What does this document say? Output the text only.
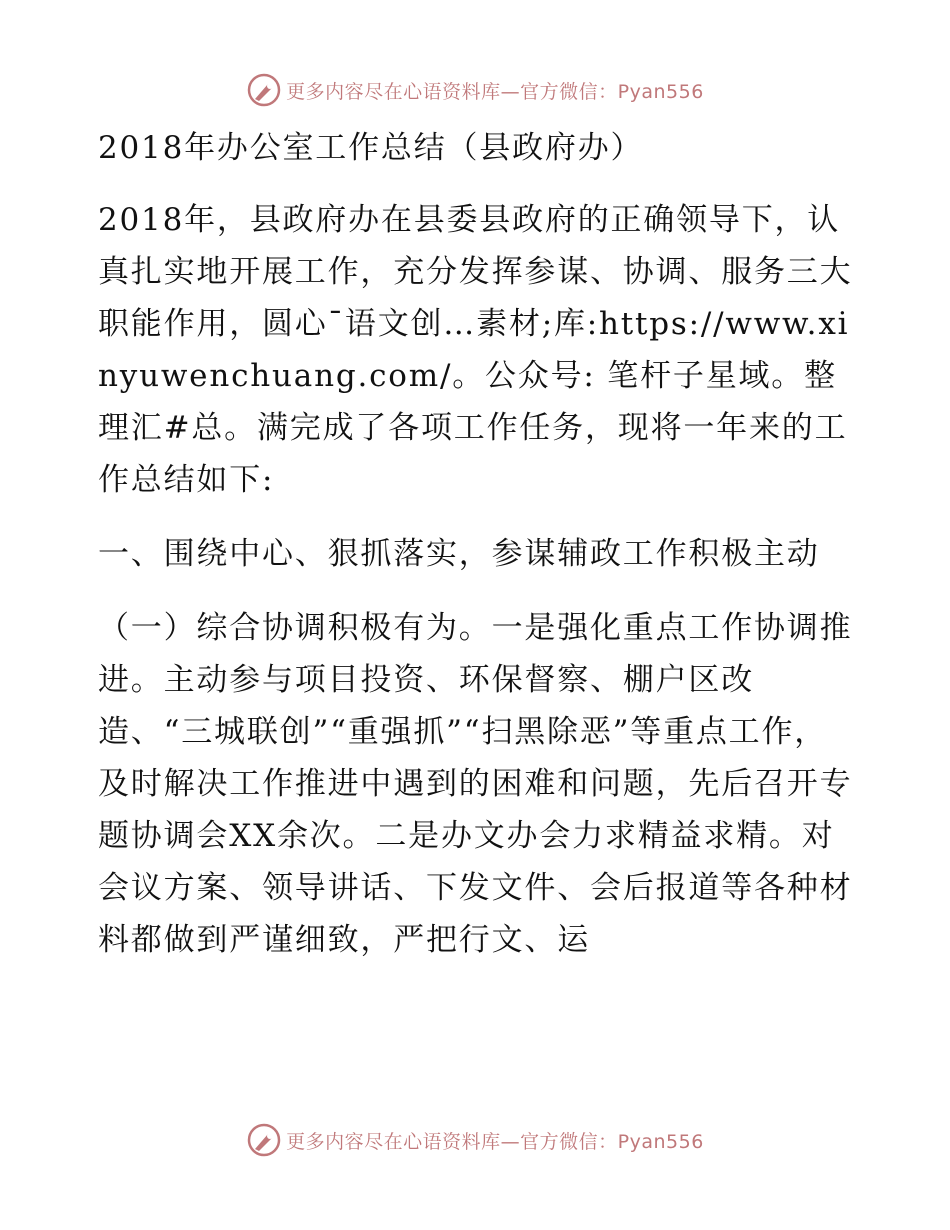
更多内容尽在心语资料库—官方微信：Pyan556

2018年办公室工作总结（县政府办）

2018年，县政府办在县委县政府的正确领导下，认真扎实地开展工作，充分发挥参谋、协调、服务三大职能作用，圆心¯语文创…素材;库:https://www.xinyuwenchuang.com/。公众号: 笔杆子星域。整理汇#总。满完成了各项工作任务，现将一年来的工作总结如下:

一、围绕中心、狠抓落实，参谋辅政工作积极主动

（一）综合协调积极有为。一是强化重点工作协调推进。主动参与项目投资、环保督察、棚户区改造、“三城联创”“重强抓”“扫黑除恶”等重点工作，及时解决工作推进中遇到的困难和问题，先后召开专题协调会XX余次。二是办文办会力求精益求精。对会议方案、领导讲话、下发文件、会后报道等各种材料都做到严谨细致，严把行文、运

更多内容尽在心语资料库—官方微信：Pyan556
